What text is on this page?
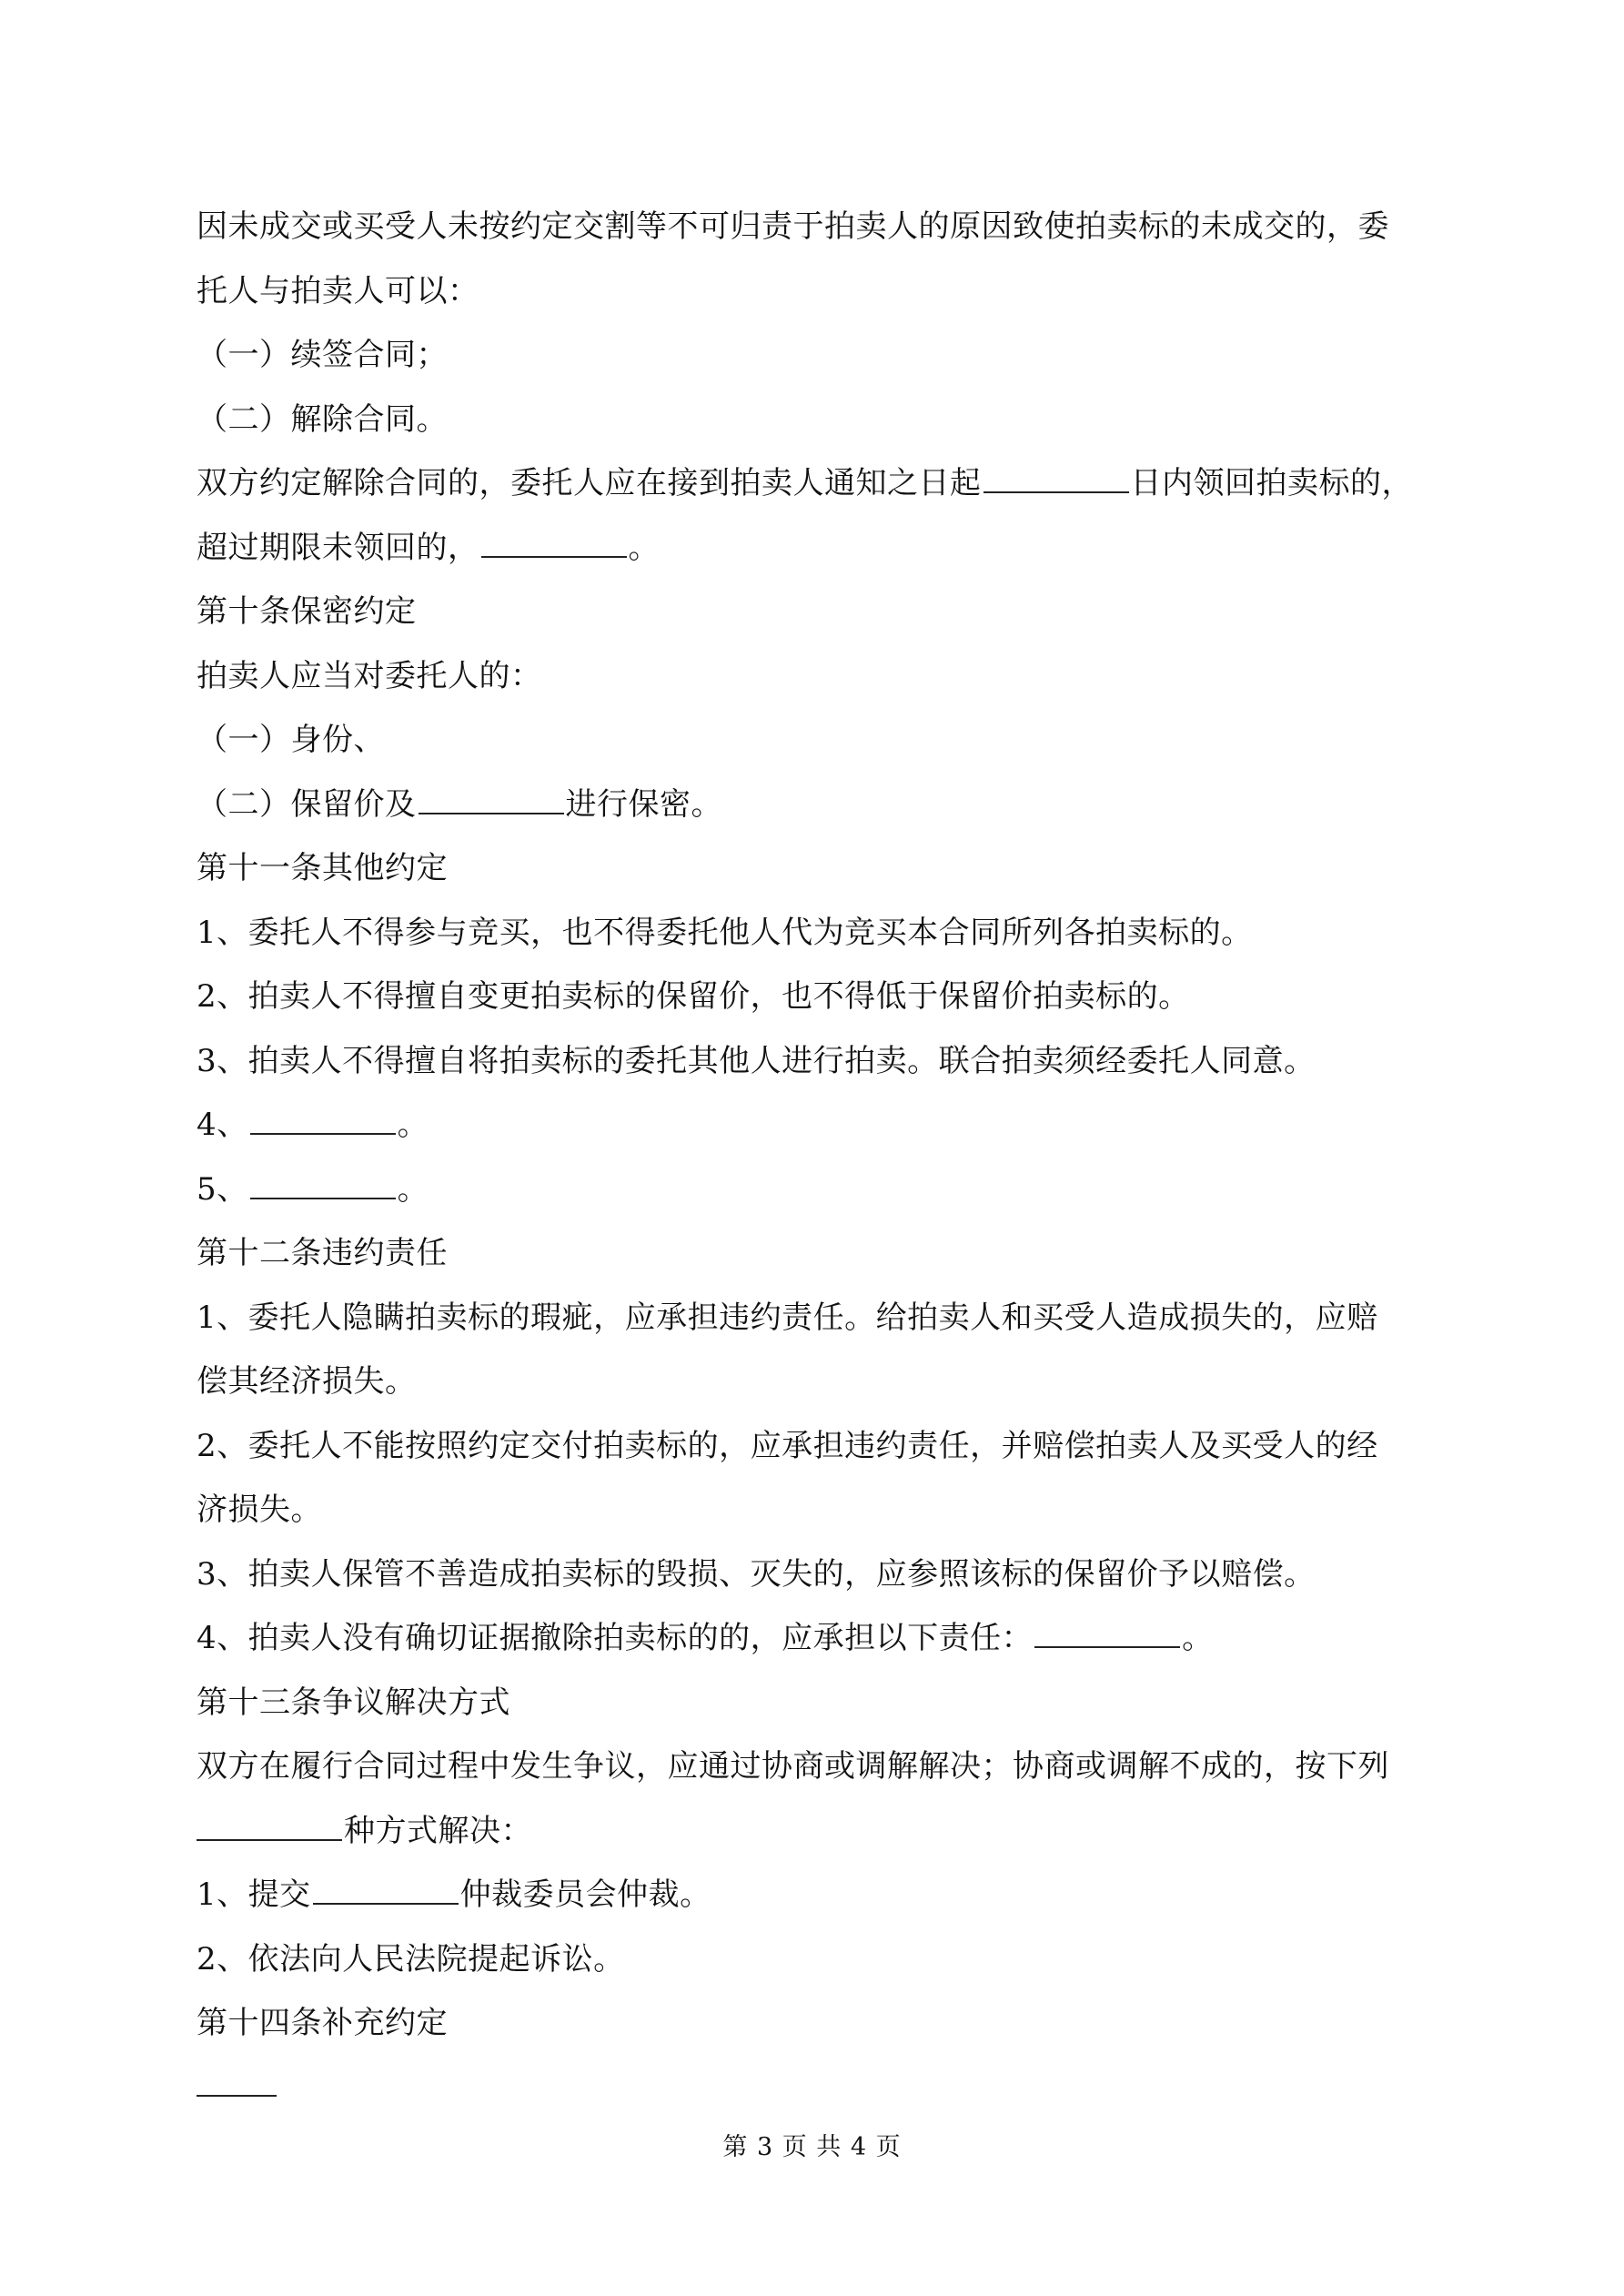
因未成交或买受人未按约定交割等不可归责于拍卖人的原因致使拍卖标的未成交的，委
托人与拍卖人可以：
（一）续签合同；
（二）解除合同。
双方约定解除合同的，委托人应在接到拍卖人通知之日起	日内领回拍卖标的，
超过期限未领回的，	。
第十条保密约定
拍卖人应当对委托人的：
（一）身份、
（二）保留价及	进行保密。
第十一条其他约定
1、委托人不得参与竞买，也不得委托他人代为竞买本合同所列各拍卖标的。
2、拍卖人不得擅自变更拍卖标的保留价，也不得低于保留价拍卖标的。
3、拍卖人不得擅自将拍卖标的委托其他人进行拍卖。联合拍卖须经委托人同意。
4、	。
5、	。
第十二条违约责任
1、委托人隐瞒拍卖标的瑕疵，应承担违约责任。给拍卖人和买受人造成损失的，应赔
偿其经济损失。
2、委托人不能按照约定交付拍卖标的，应承担违约责任，并赔偿拍卖人及买受人的经
济损失。
3、拍卖人保管不善造成拍卖标的毁损、灭失的，应参照该标的保留价予以赔偿。
4、拍卖人没有确切证据撤除拍卖标的的，应承担以下责任：	。
第十三条争议解决方式
双方在履行合同过程中发生争议，应通过协商或调解解决；协商或调解不成的，按下列
种方式解决：
1、提交	仲裁委员会仲裁。
2、依法向人民法院提起诉讼。
第十四条补充约定
第 3 页 共 4 页
